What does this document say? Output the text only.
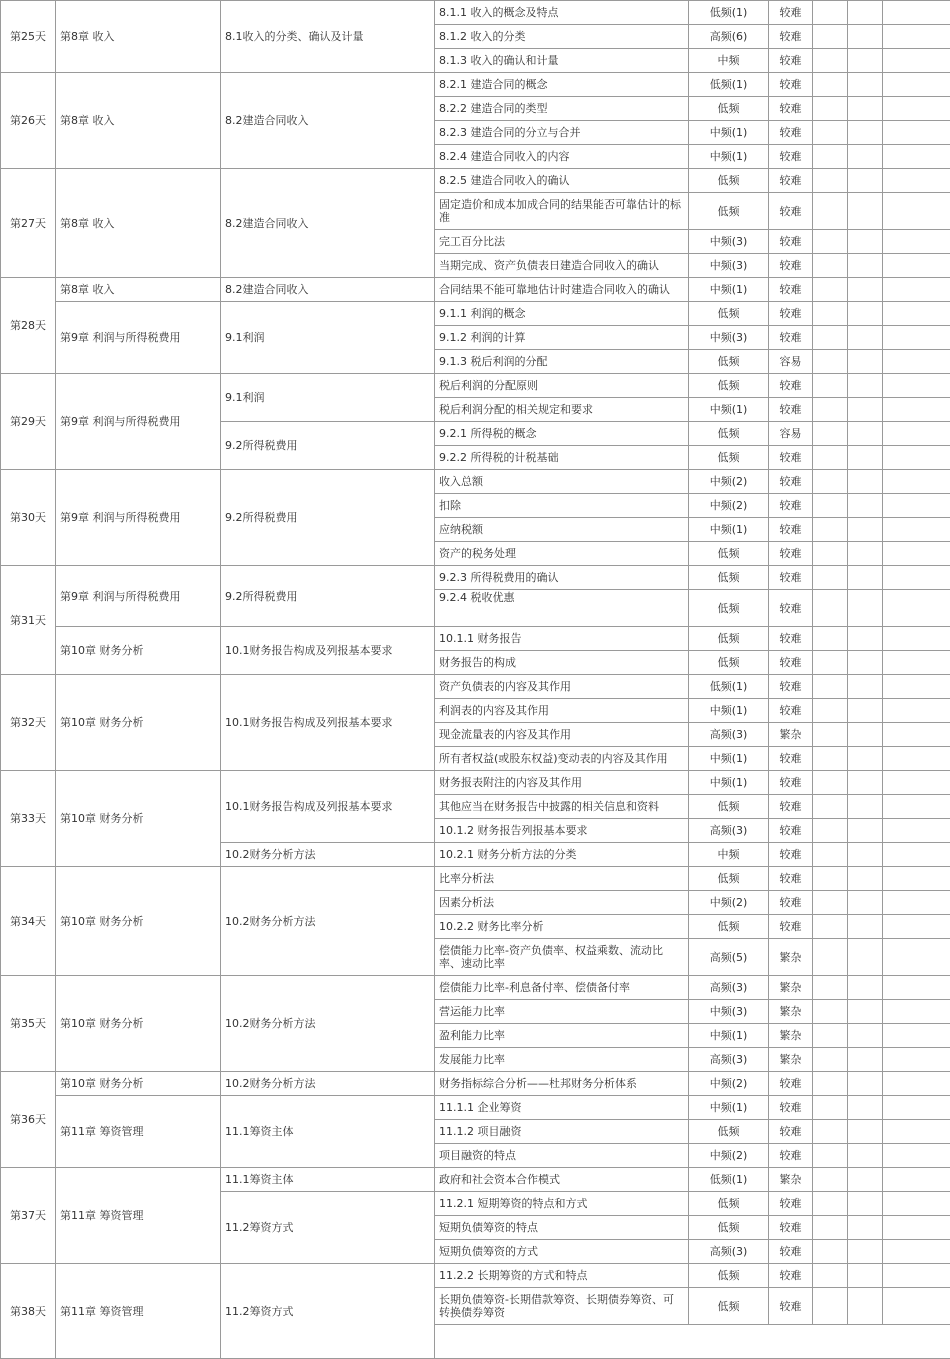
第25天	第8章 收入	8.1收入的分类、确认及计量	8.1.1 收入的概念及特点	低频(1)	较难			
			8.1.2 收入的分类	高频(6)	较难			
			8.1.3 收入的确认和计量	中频	较难			
第26天	第8章 收入	8.2建造合同收入	8.2.1 建造合同的概念	低频(1)	较难			
			8.2.2 建造合同的类型	低频	较难			
			8.2.3 建造合同的分立与合并	中频(1)	较难			
			8.2.4 建造合同收入的内容	中频(1)	较难			
第27天	第8章 收入	8.2建造合同收入	8.2.5 建造合同收入的确认	低频	较难			
			固定造价和成本加成合同的结果能否可靠估计的标准	低频	较难			
			完工百分比法	中频(3)	较难			
			当期完成、资产负债表日建造合同收入的确认	中频(3)	较难			
第28天	第8章 收入	8.2建造合同收入	合同结果不能可靠地估计时建造合同收入的确认	中频(1)	较难			
	第9章 利润与所得税费用	9.1利润	9.1.1 利润的概念	低频	较难			
			9.1.2 利润的计算	中频(3)	较难			
			9.1.3 税后利润的分配	低频	容易			
第29天	第9章 利润与所得税费用	9.1利润	税后利润的分配原则	低频	较难			
			税后利润分配的相关规定和要求	中频(1)	较难			
		9.2所得税费用	9.2.1 所得税的概念	低频	容易			
			9.2.2 所得税的计税基础	低频	较难			
第30天	第9章 利润与所得税费用	9.2所得税费用	收入总额	中频(2)	较难			
			扣除	中频(2)	较难			
			应纳税额	中频(1)	较难			
			资产的税务处理	低频	较难			
第31天	第9章 利润与所得税费用	9.2所得税费用	9.2.3 所得税费用的确认	低频	较难			
			9.2.4 税收优惠	低频	较难			
	第10章 财务分析	10.1财务报告构成及列报基本要求	10.1.1 财务报告	低频	较难			
			财务报告的构成	低频	较难			
第32天	第10章 财务分析	10.1财务报告构成及列报基本要求	资产负债表的内容及其作用	低频(1)	较难			
			利润表的内容及其作用	中频(1)	较难			
			现金流量表的内容及其作用	高频(3)	繁杂			
			所有者权益(或股东权益)变动表的内容及其作用	中频(1)	较难			
第33天	第10章 财务分析	10.1财务报告构成及列报基本要求	财务报表附注的内容及其作用	中频(1)	较难			
			其他应当在财务报告中披露的相关信息和资料	低频	较难			
			10.1.2 财务报告列报基本要求	高频(3)	较难			
		10.2财务分析方法	10.2.1 财务分析方法的分类	中频	较难			
第34天	第10章 财务分析	10.2财务分析方法	比率分析法	低频	较难			
			因素分析法	中频(2)	较难			
			10.2.2 财务比率分析	低频	较难			
			偿债能力比率-资产负债率、权益乘数、流动比率、速动比率	高频(5)	繁杂			
第35天	第10章 财务分析	10.2财务分析方法	偿债能力比率-利息备付率、偿债备付率	高频(3)	繁杂			
			营运能力比率	中频(3)	繁杂			
			盈利能力比率	中频(1)	繁杂			
			发展能力比率	高频(3)	繁杂			
第36天	第10章 财务分析	10.2财务分析方法	财务指标综合分析——杜邦财务分析体系	中频(2)	较难			
	第11章 筹资管理	11.1筹资主体	11.1.1 企业筹资	中频(1)	较难			
			11.1.2 项目融资	低频	较难			
			项目融资的特点	中频(2)	较难			
第37天	第11章 筹资管理	11.1筹资主体	政府和社会资本合作模式	低频(1)	繁杂			
		11.2筹资方式	11.2.1 短期筹资的特点和方式	低频	较难			
			短期负债筹资的特点	低频	较难			
			短期负债筹资的方式	高频(3)	较难			
第38天	第11章 筹资管理	11.2筹资方式	11.2.2 长期筹资的方式和特点	低频	较难			
			长期负债筹资-长期借款筹资、长期债券筹资、可转换债券筹资	低频	较难			
